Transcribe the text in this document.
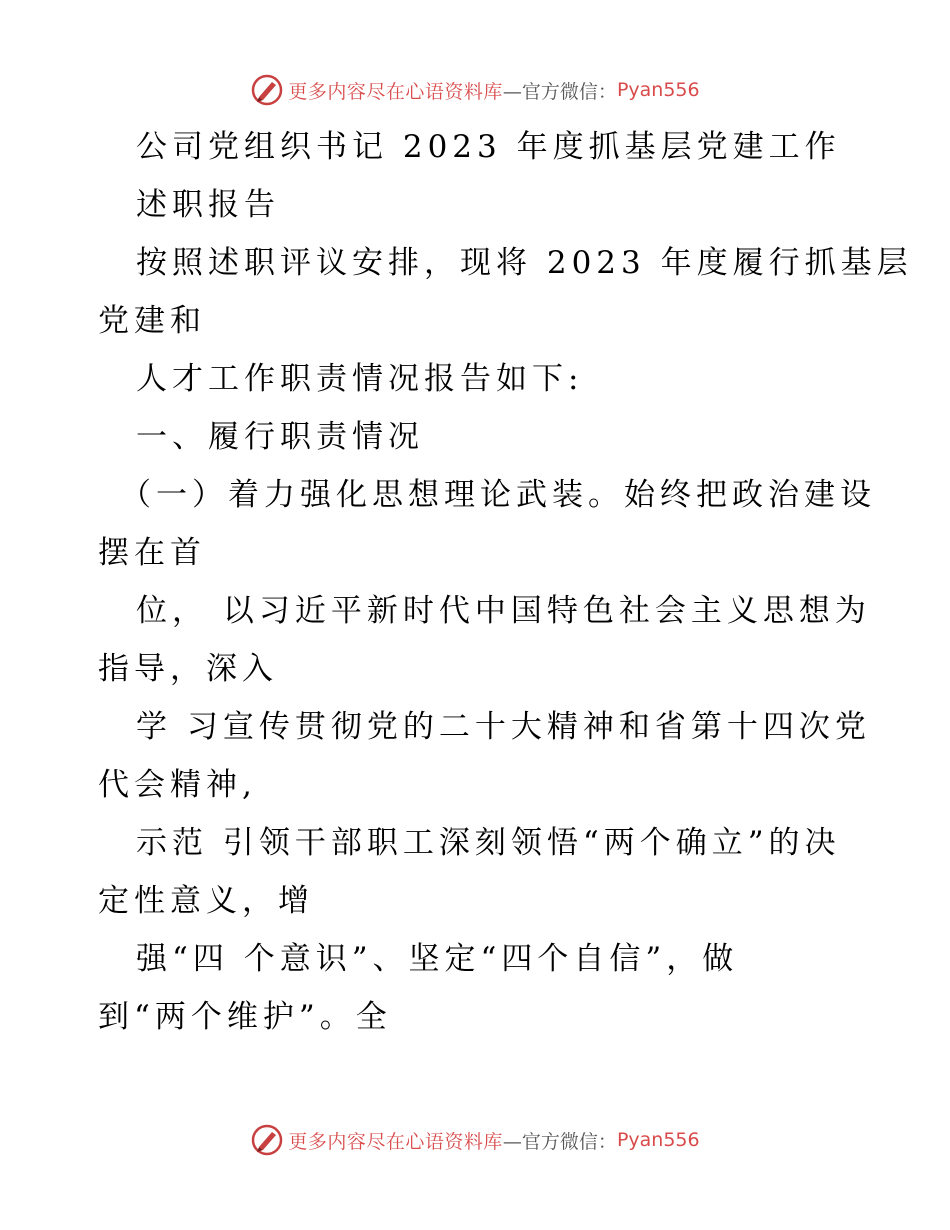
更多内容尽在心语资料库 —官方微信： Pyan556
公司党组织书记 2023 年度抓基层党建工作
述职报告
按照述职评议安排，现将 2023 年度履行抓基层
党建和
人才工作职责情况报告如下:
一、履行职责情况
（一）着力强化思想理论武装。始终把政治建设
摆在首
位， 以习近平新时代中国特色社会主义思想为
指导，深入
学 习宣传贯彻党的二十大精神和省第十四次党
代会精神,
示范 引领干部职工深刻领悟“两个确立”的决
定性意义，增
强“四 个意识”、坚定“四个自信”，做
到“两个维护”。全
更多内容尽在心语资料库 —官方微信： Pyan556
